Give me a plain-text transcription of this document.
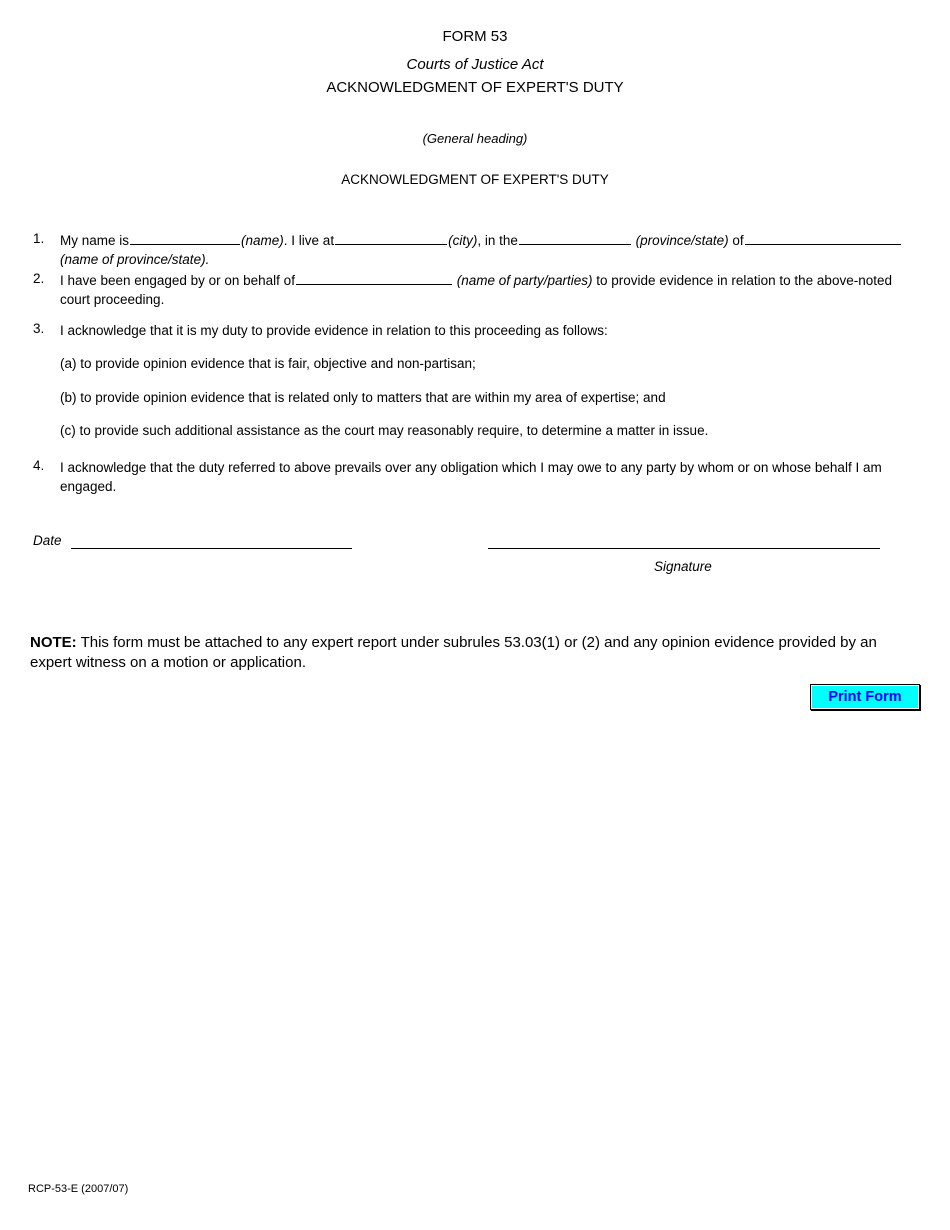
FORM 53
Courts of Justice Act
ACKNOWLEDGMENT OF EXPERT'S DUTY
(General heading)
ACKNOWLEDGMENT OF EXPERT'S DUTY
1. My name is	(name). I live at	(city), in the	(province/state) of
(name of province/state).
2. I have been engaged by or on behalf of	(name of party/parties) to provide evidence in relation to the above-noted court proceeding.
3. I acknowledge that it is my duty to provide evidence in relation to this proceeding as follows:
(a) to provide opinion evidence that is fair, objective and non-partisan;
(b) to provide opinion evidence that is related only to matters that are within my area of expertise; and
(c) to provide such additional assistance as the court may reasonably require, to determine a matter in issue.
4. I acknowledge that the duty referred to above prevails over any obligation which I may owe to any party by whom or on whose behalf I am engaged.
Date
Signature
NOTE: This form must be attached to any expert report under subrules 53.03(1) or (2) and any opinion evidence provided by an expert witness on a motion or application.
Print Form
RCP-53-E (2007/07)
